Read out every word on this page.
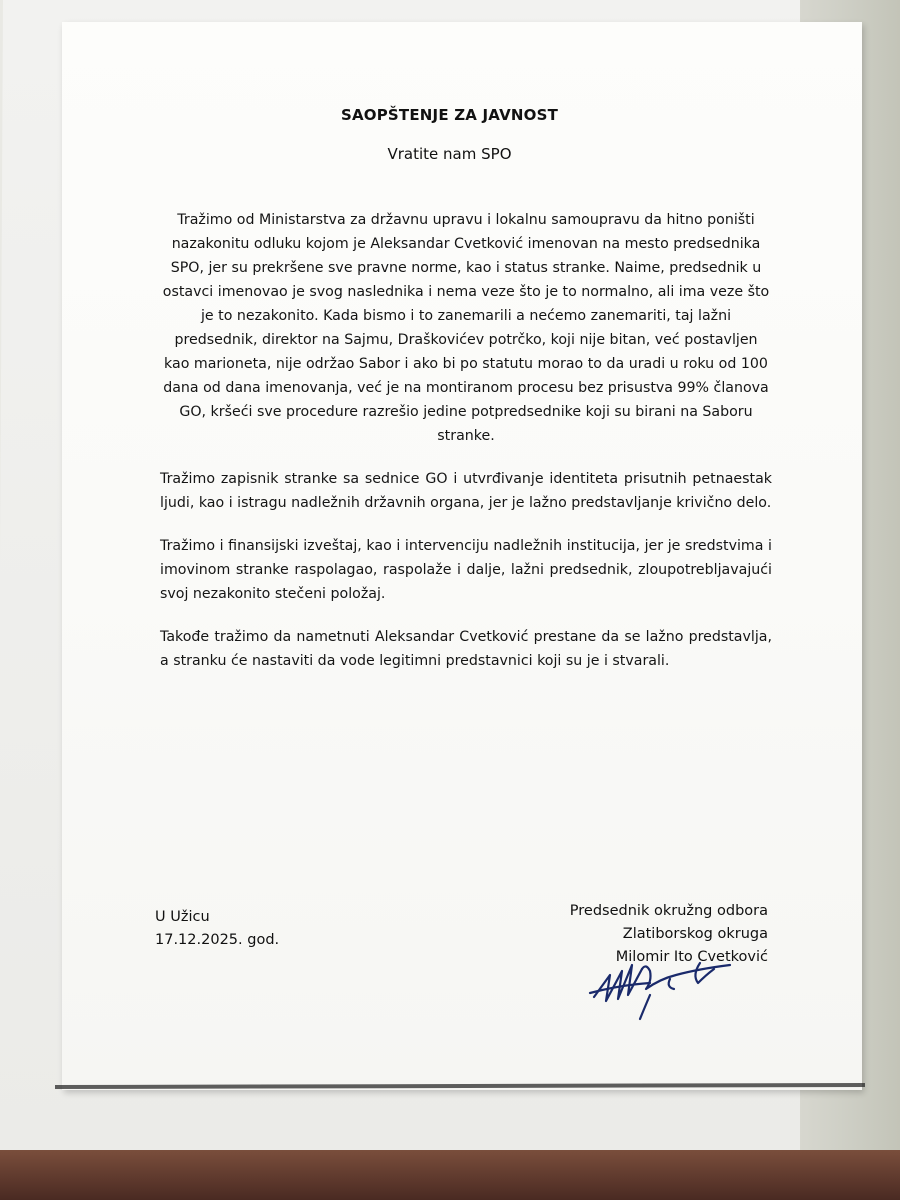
SAOPŠTENJE ZA JAVNOST
Vratite nam SPO

Tražimo od Ministarstva za državnu upravu i lokalnu samoupravu da hitno poništi nazakonitu odluku kojom je Aleksandar Cvetković imenovan na mesto predsednika SPO, jer su prekršene sve pravne norme, kao i status stranke. Naime, predsednik u ostavci imenovao je svog naslednika i nema veze što je to normalno, ali ima veze što je to nezakonito. Kada bismo i to zanemarili a nećemo zanemariti, taj lažni predsednik, direktor na Sajmu, Draškovićev potrčko, koji nije bitan, već postavljen kao marioneta, nije održao Sabor i ako bi po statutu morao to da uradi u roku od 100 dana od dana imenovanja, već je na montiranom procesu bez prisustva 99% članova GO, kršeći sve procedure razrešio jedine potpredsednike koji su birani na Saboru stranke.

Tražimo zapisnik stranke sa sednice GO i utvrđivanje identiteta prisutnih petnaestak ljudi, kao i istragu nadležnih državnih organa, jer je lažno predstavljanje krivično delo.

Tražimo i finansijski izveštaj, kao i intervenciju nadležnih institucija, jer je sredstvima i imovinom stranke raspolagao, raspolaže i dalje, lažni predsednik, zloupotrebljavajući svoj nezakonito stečeni položaj.

Takođe tražimo da nametnuti Aleksandar Cvetković prestane da se lažno predstavlja, a stranku će nastaviti da vode legitimni predstavnici koji su je i stvarali.

U Užicu
17.12.2025. god.
Predsednik okružng odbora
Zlatiborskog okruga
Milomir Ito Cvetković
